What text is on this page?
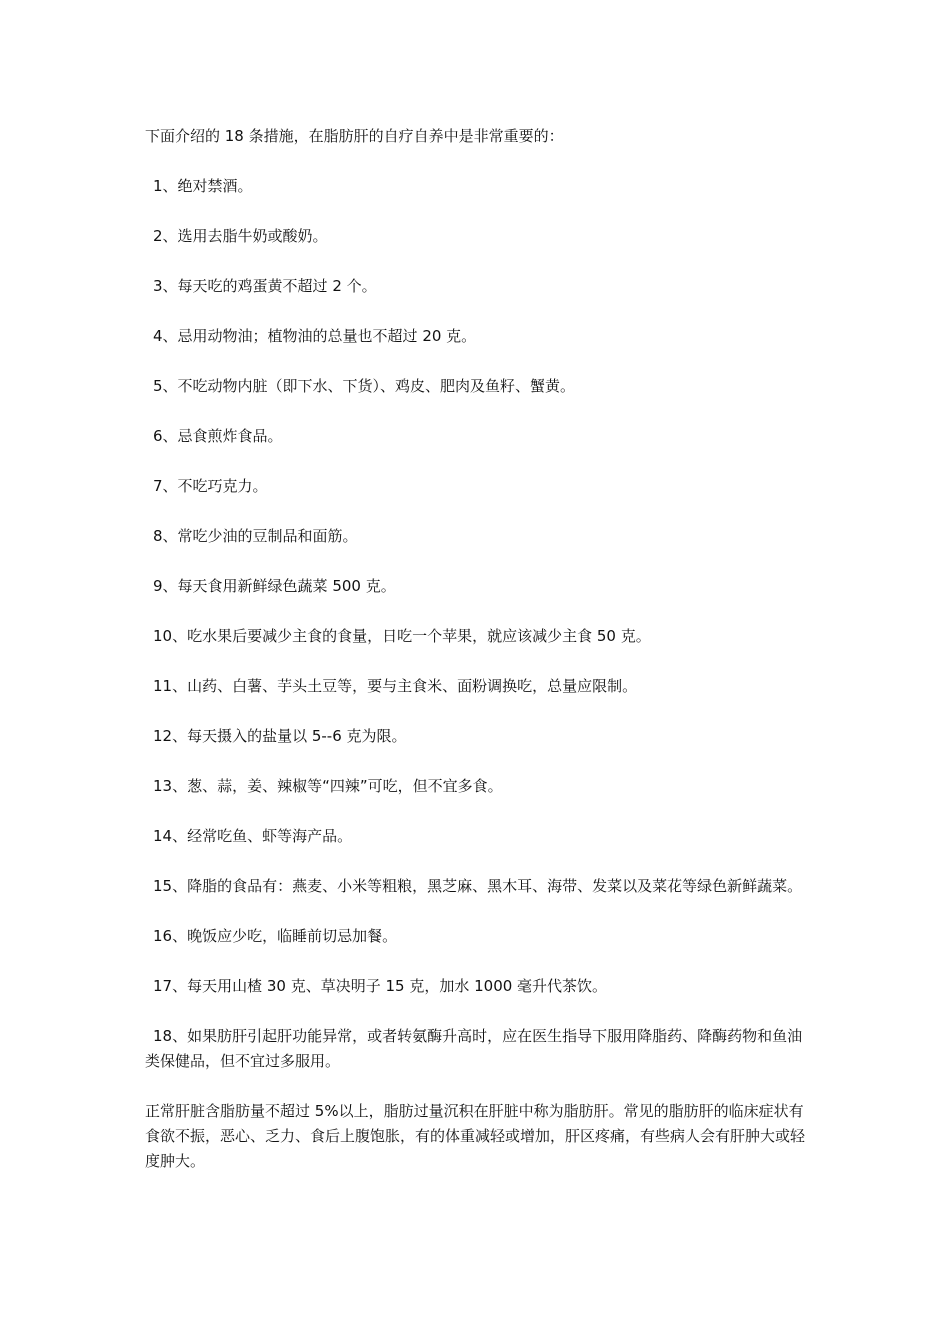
下面介绍的 18 条措施，在脂肪肝的自疗自养中是非常重要的：

1、绝对禁酒。

2、选用去脂牛奶或酸奶。

3、每天吃的鸡蛋黄不超过 2 个。

4、忌用动物油；植物油的总量也不超过 20 克。

5、不吃动物内脏（即下水、下货）、鸡皮、肥肉及鱼籽、蟹黄。

6、忌食煎炸食品。

7、不吃巧克力。

8、常吃少油的豆制品和面筋。

9、每天食用新鲜绿色蔬菜 500 克。

10、吃水果后要减少主食的食量，日吃一个苹果，就应该减少主食 50 克。

11、山药、白薯、芋头土豆等，要与主食米、面粉调换吃，总量应限制。

12、每天摄入的盐量以 5--6 克为限。

13、葱、蒜，姜、辣椒等“四辣”可吃，但不宜多食。

14、经常吃鱼、虾等海产品。

15、降脂的食品有：燕麦、小米等粗粮，黑芝麻、黑木耳、海带、发菜以及菜花等绿色新鲜蔬菜。

16、晚饭应少吃，临睡前切忌加餐。

17、每天用山楂 30 克、草决明子 15 克，加水 1000 毫升代茶饮。

18、如果肪肝引起肝功能异常，或者转氨酶升高时，应在医生指导下服用降脂药、降酶药物和鱼油类保健品，但不宜过多服用。

正常肝脏含脂肪量不超过 5%以上，脂肪过量沉积在肝脏中称为脂肪肝。常见的脂肪肝的临床症状有食欲不振，恶心、乏力、食后上腹饱胀，有的体重减轻或增加，肝区疼痛，有些病人会有肝肿大或轻度肿大。
